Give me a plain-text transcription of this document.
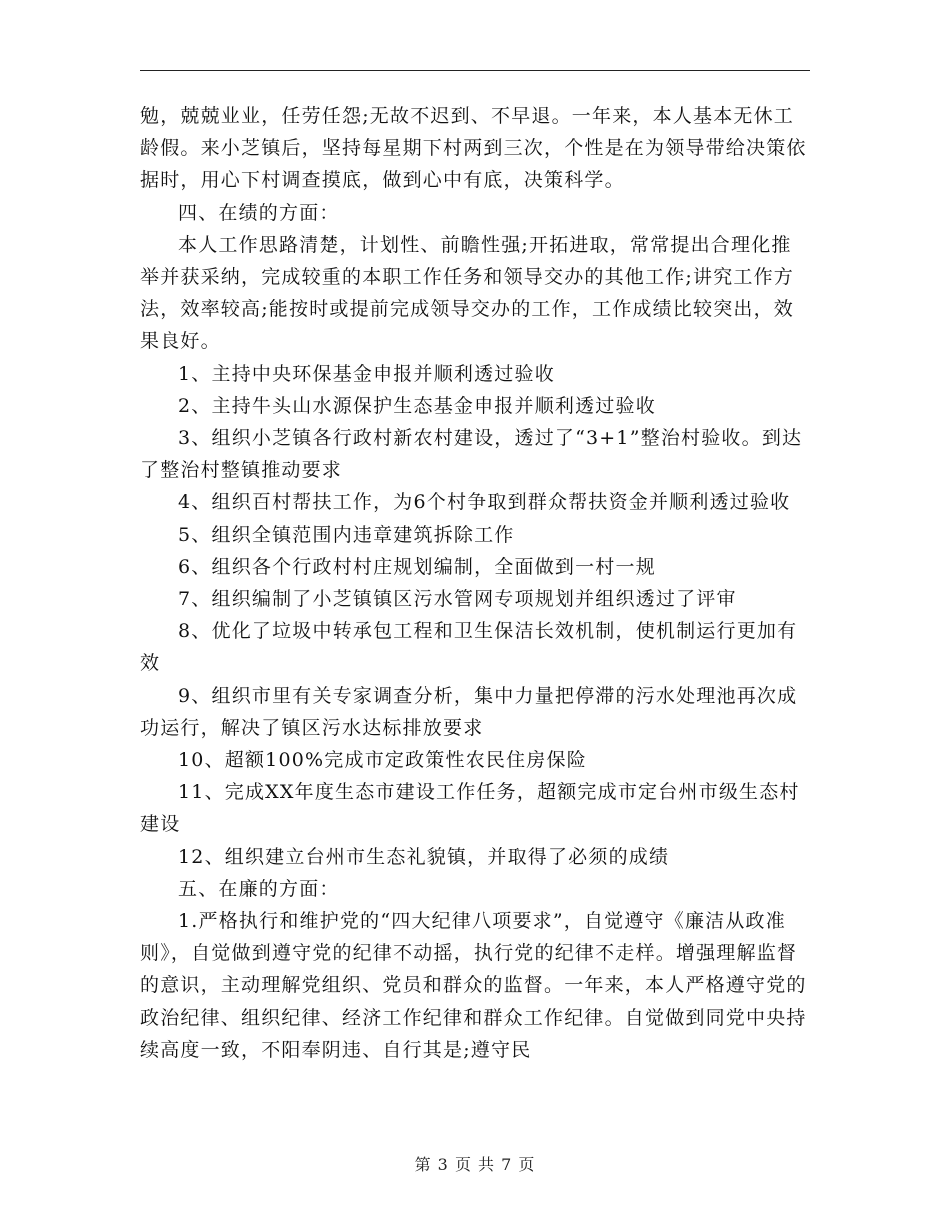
勉，兢兢业业，任劳任怨;无故不迟到、不早退。一年来，本人基本无休工龄假。来小芝镇后，坚持每星期下村两到三次，个性是在为领导带给决策依据时，用心下村调查摸底，做到心中有底，决策科学。

四、在绩的方面：

本人工作思路清楚，计划性、前瞻性强;开拓进取，常常提出合理化推举并获采纳，完成较重的本职工作任务和领导交办的其他工作;讲究工作方法，效率较高;能按时或提前完成领导交办的工作，工作成绩比较突出，效果良好。

1、主持中央环保基金申报并顺利透过验收

2、主持牛头山水源保护生态基金申报并顺利透过验收

3、组织小芝镇各行政村新农村建设，透过了“3+1”整治村验收。到达了整治村整镇推动要求

4、组织百村帮扶工作，为6个村争取到群众帮扶资金并顺利透过验收

5、组织全镇范围内违章建筑拆除工作

6、组织各个行政村村庄规划编制，全面做到一村一规

7、组织编制了小芝镇镇区污水管网专项规划并组织透过了评审

8、优化了垃圾中转承包工程和卫生保洁长效机制，使机制运行更加有效

9、组织市里有关专家调查分析，集中力量把停滞的污水处理池再次成功运行，解决了镇区污水达标排放要求

10、超额100%完成市定政策性农民住房保险

11、完成XX年度生态市建设工作任务，超额完成市定台州市级生态村建设

12、组织建立台州市生态礼貌镇，并取得了必须的成绩

五、在廉的方面：

1.严格执行和维护党的“四大纪律八项要求”，自觉遵守《廉洁从政准则》，自觉做到遵守党的纪律不动摇，执行党的纪律不走样。增强理解监督的意识，主动理解党组织、党员和群众的监督。一年来，本人严格遵守党的政治纪律、组织纪律、经济工作纪律和群众工作纪律。自觉做到同党中央持续高度一致，不阳奉阴违、自行其是;遵守民

第 3 页 共 7 页
